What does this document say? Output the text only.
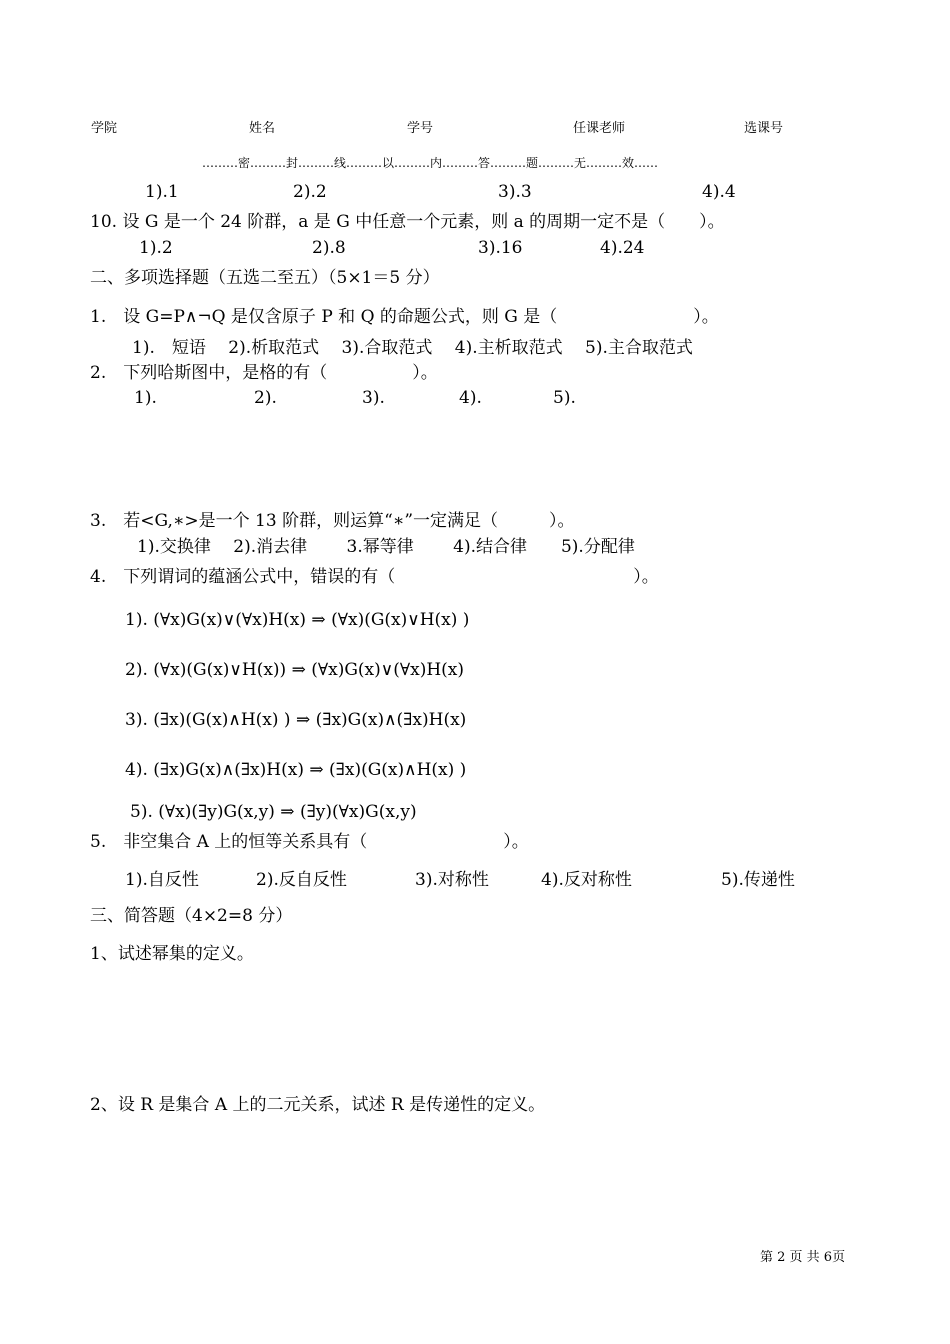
学院	姓名	学号	任课老师	选课号
………密………封………线………以………内………答………题………无………效……
1).1	2).2	3).3	4).4
10. 设 G 是一个 24 阶群，a 是 G 中任意一个元素，则 a 的周期一定不是（　　）。
1).2	2).8	3).16	4).24
二、多项选择题（五选二至五）（5×1＝5 分）
1.　设 G=P∧¬Q 是仅含原子 P 和 Q 的命题公式，则 G 是（　　　　　　　　）。
1).　短语　 2).析取范式　 3).合取范式　 4).主析取范式　 5).主合取范式
2.　下列哈斯图中，是格的有（　　　　　）。
1).	2).	3).	4).	5).
3.　若<G,∗>是一个 13 阶群，则运算“∗”一定满足（　　　）。
1).交换律　 2).消去律　　 3.幂等律　　 4).结合律　　5).分配律
4.　下列谓词的蕴涵公式中，错误的有（　　　　　　　　　　　　　　）。
1). (∀x)G(x)∨(∀x)H(x) ⇒ (∀x)(G(x)∨H(x) )
2). (∀x)(G(x)∨H(x)) ⇒ (∀x)G(x)∨(∀x)H(x)
3). (∃x)(G(x)∧H(x) ) ⇒ (∃x)G(x)∧(∃x)H(x)
4). (∃x)G(x)∧(∃x)H(x) ⇒ (∃x)(G(x)∧H(x) )
5). (∀x)(∃y)G(x,y) ⇒ (∃y)(∀x)G(x,y)
5.　非空集合 A 上的恒等关系具有（　　　　　　　　）。
1).自反性	2).反自反性	3).对称性	4).反对称性	5).传递性
三、简答题（4×2=8 分）
1、试述幂集的定义。
2、设 R 是集合 A 上的二元关系，试述 R 是传递性的定义。
第 2 页 共 6页
